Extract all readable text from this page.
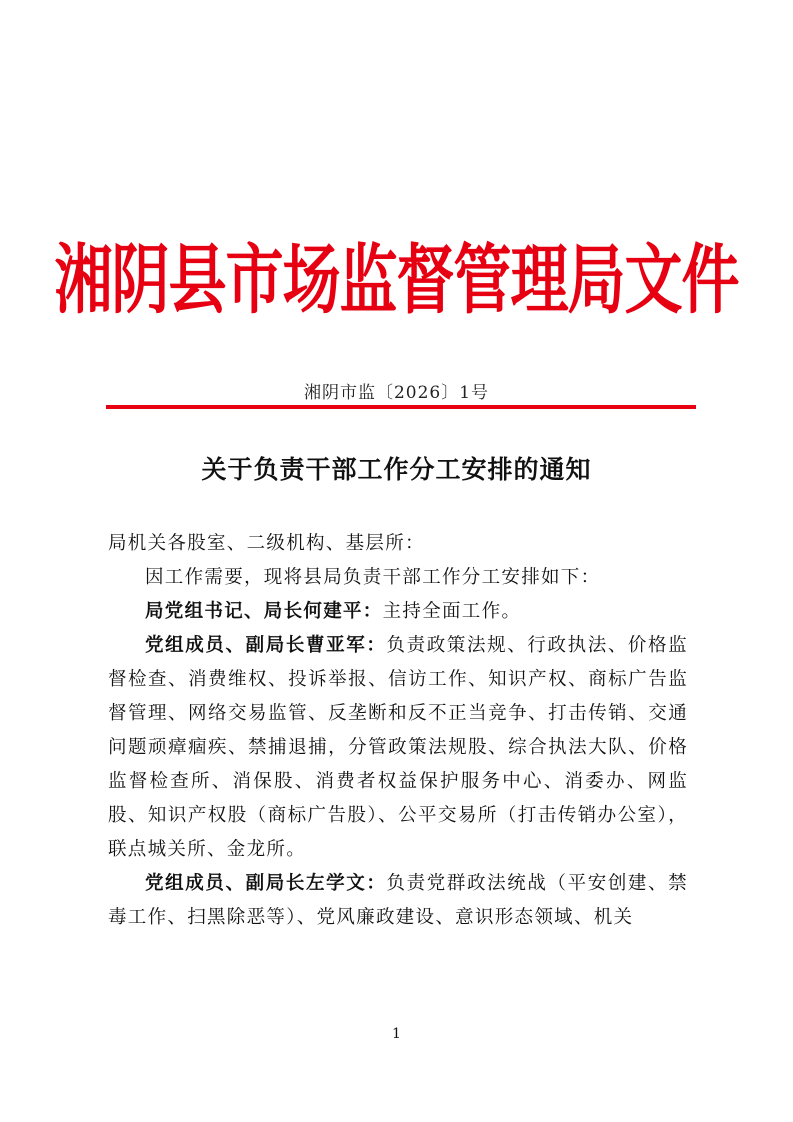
湘阴县市场监督管理局文件
湘阴市监〔2026〕1号
关于负责干部工作分工安排的通知

局机关各股室、二级机构、基层所：

因工作需要，现将县局负责干部工作分工安排如下：

局党组书记、局长何建平：主持全面工作。

党组成员、副局长曹亚军：负责政策法规、行政执法、价格监督检查、消费维权、投诉举报、信访工作、知识产权、商标广告监督管理、网络交易监管、反垄断和反不正当竞争、打击传销、交通问题顽瘴痼疾、禁捕退捕，分管政策法规股、综合执法大队、价格监督检查所、消保股、消费者权益保护服务中心、消委办、网监股、知识产权股（商标广告股）、公平交易所（打击传销办公室），联点城关所、金龙所。

党组成员、副局长左学文：负责党群政法统战（平安创建、禁毒工作、扫黑除恶等）、党风廉政建设、意识形态领域、机关

1
